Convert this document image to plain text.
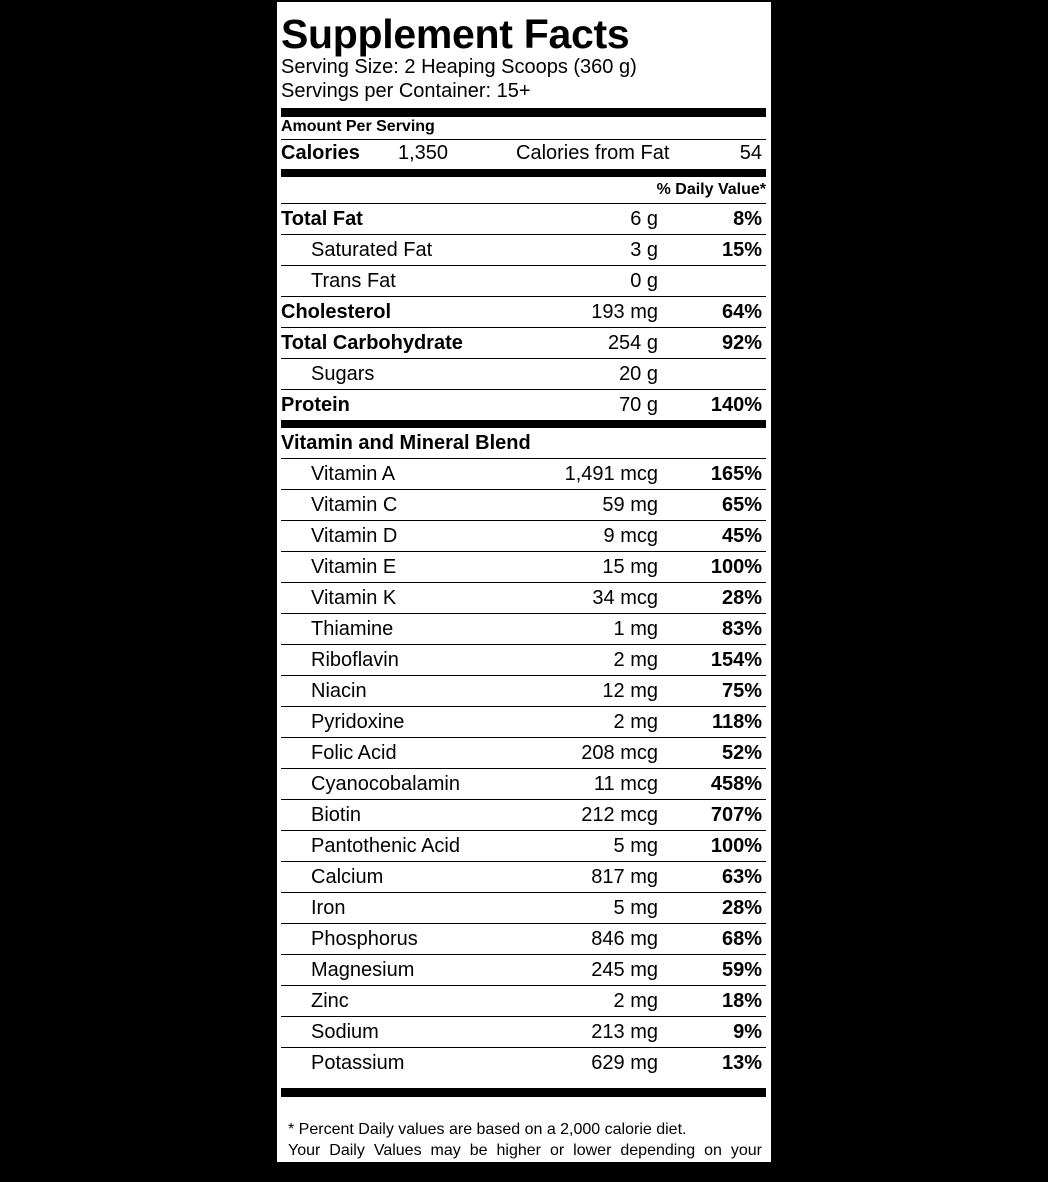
Supplement Facts
Serving Size: 2 Heaping Scoops (360 g)
Servings per Container: 15+
Amount Per Serving
Calories 1,350	Calories from Fat	54
% Daily Value*
Total Fat	6 g	8%
Saturated Fat	3 g	15%
Trans Fat	0 g
Cholesterol	193 mg	64%
Total Carbohydrate	254 g	92%
Sugars	20 g
Protein	70 g	140%
Vitamin and Mineral Blend
Vitamin A	1,491 mcg	165%
Vitamin C	59 mg	65%
Vitamin D	9 mcg	45%
Vitamin E	15 mg	100%
Vitamin K	34 mcg	28%
Thiamine	1 mg	83%
Riboflavin	2 mg	154%
Niacin	12 mg	75%
Pyridoxine	2 mg	118%
Folic Acid	208 mcg	52%
Cyanocobalamin	11 mcg	458%
Biotin	212 mcg	707%
Pantothenic Acid	5 mg	100%
Calcium	817 mg	63%
Iron	5 mg	28%
Phosphorus	846 mg	68%
Magnesium	245 mg	59%
Zinc	2 mg	18%
Sodium	213 mg	9%
Potassium	629 mg	13%

* Percent Daily values are based on a 2,000 calorie diet.

Your Daily Values may be higher or lower depending on your calorie needs.
